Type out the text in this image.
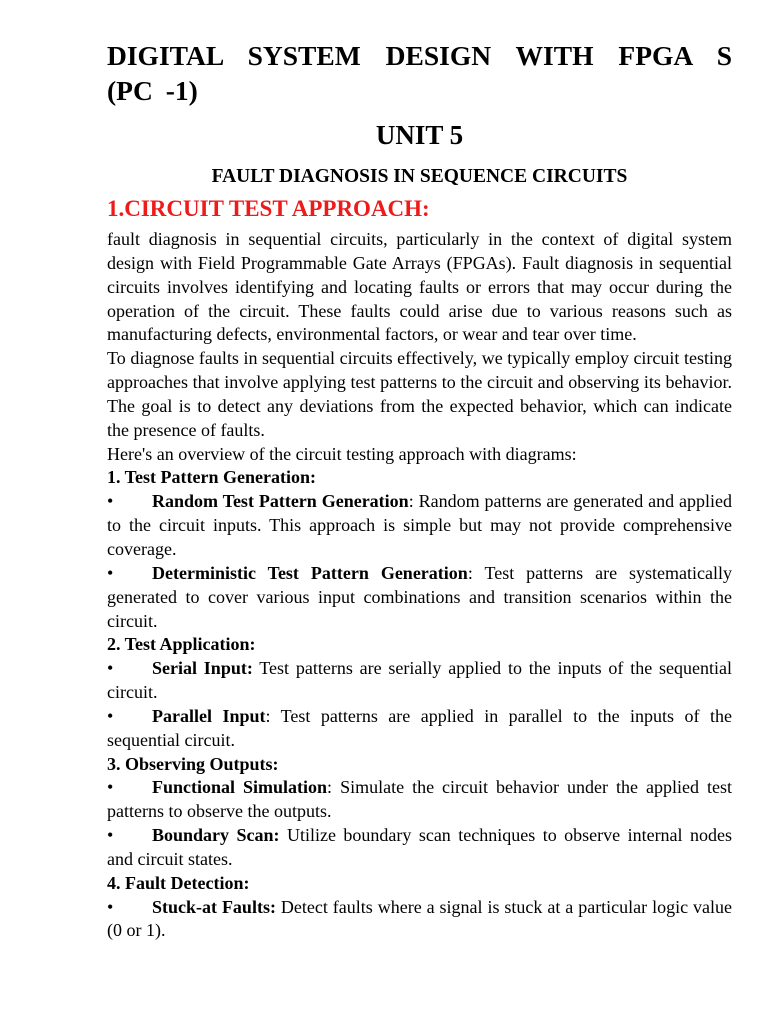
DIGITAL SYSTEM DESIGN WITH FPGA S
(PC -1)
UNIT 5
FAULT DIAGNOSIS IN SEQUENCE CIRCUITS
1.CIRCUIT TEST APPROACH:

fault diagnosis in sequential circuits, particularly in the context of digital system design with Field Programmable Gate Arrays (FPGAs). Fault diagnosis in sequential circuits involves identifying and locating faults or errors that may occur during the operation of the circuit. These faults could arise due to various reasons such as manufacturing defects, environmental factors, or wear and tear over time.

To diagnose faults in sequential circuits effectively, we typically employ circuit testing approaches that involve applying test patterns to the circuit and observing its behavior. The goal is to detect any deviations from the expected behavior, which can indicate the presence of faults.

Here's an overview of the circuit testing approach with diagrams:

1. Test Pattern Generation:

• Random Test Pattern Generation: Random patterns are generated and applied to the circuit inputs. This approach is simple but may not provide comprehensive coverage.

• Deterministic Test Pattern Generation: Test patterns are systematically generated to cover various input combinations and transition scenarios within the circuit.

2. Test Application:

• Serial Input: Test patterns are serially applied to the inputs of the sequential circuit.

• Parallel Input: Test patterns are applied in parallel to the inputs of the sequential circuit.

3. Observing Outputs:

• Functional Simulation: Simulate the circuit behavior under the applied test patterns to observe the outputs.

• Boundary Scan: Utilize boundary scan techniques to observe internal nodes and circuit states.

4. Fault Detection:

• Stuck-at Faults: Detect faults where a signal is stuck at a particular logic value (0 or 1).
